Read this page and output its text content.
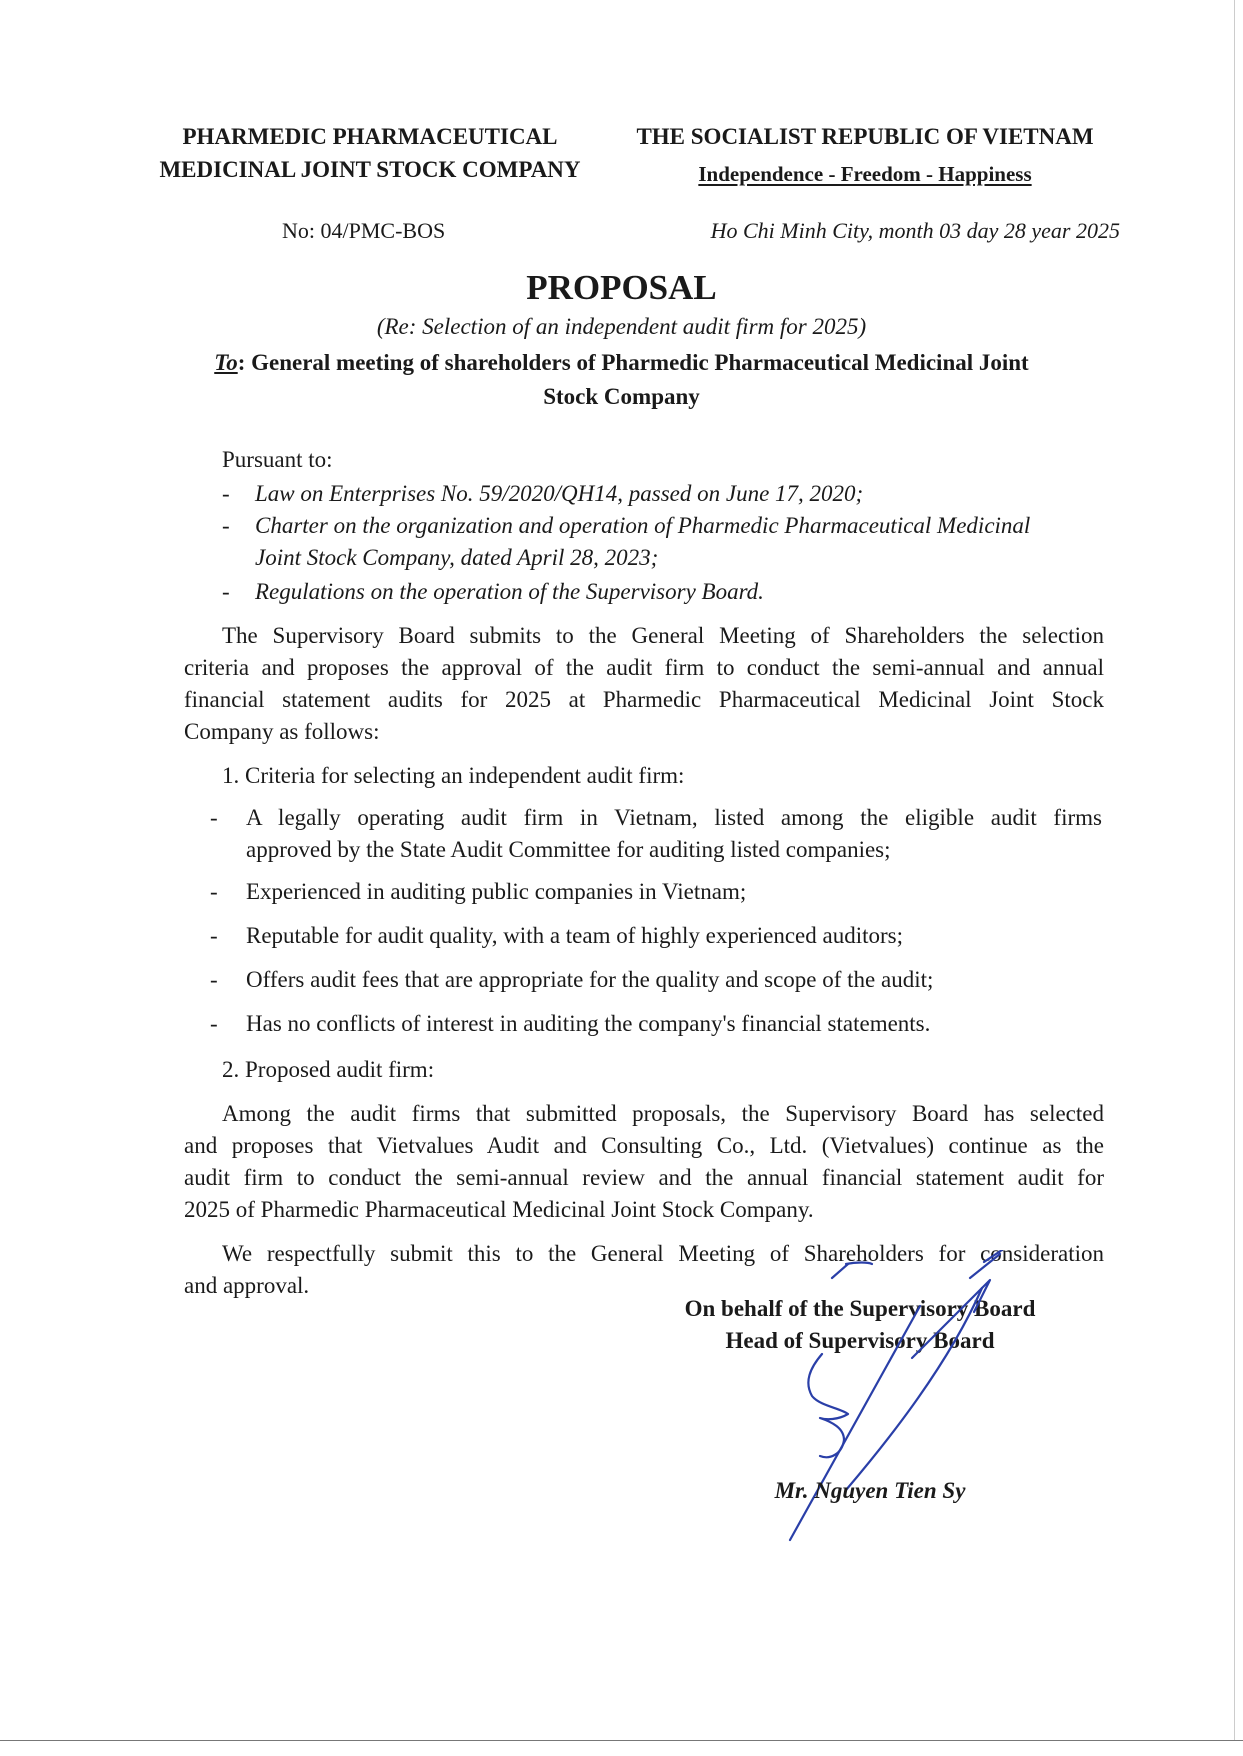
PHARMEDIC PHARMACEUTICAL
MEDICINAL JOINT STOCK COMPANY
THE SOCIALIST REPUBLIC OF VIETNAM
Independence - Freedom - Happiness
No: 04/PMC-BOS	Ho Chi Minh City, month 03 day 28 year 2025
PROPOSAL
(Re: Selection of an independent audit firm for 2025)
To: General meeting of shareholders of Pharmedic Pharmaceutical Medicinal Joint
Stock Company
Pursuant to:
- Law on Enterprises No. 59/2020/QH14, passed on June 17, 2020;
- Charter on the organization and operation of Pharmedic Pharmaceutical Medicinal
Joint Stock Company, dated April 28, 2023;
- Regulations on the operation of the Supervisory Board.
The Supervisory Board submits to the General Meeting of Shareholders the selection
criteria and proposes the approval of the audit firm to conduct the semi-annual and annual
financial statement audits for 2025 at Pharmedic Pharmaceutical Medicinal Joint Stock
Company as follows:
1. Criteria for selecting an independent audit firm:
- A legally operating audit firm in Vietnam, listed among the eligible audit firms
approved by the State Audit Committee for auditing listed companies;
- Experienced in auditing public companies in Vietnam;
- Reputable for audit quality, with a team of highly experienced auditors;
- Offers audit fees that are appropriate for the quality and scope of the audit;
- Has no conflicts of interest in auditing the company's financial statements.
2. Proposed audit firm:
Among the audit firms that submitted proposals, the Supervisory Board has selected
and proposes that Vietvalues Audit and Consulting Co., Ltd. (Vietvalues) continue as the
audit firm to conduct the semi-annual review and the annual financial statement audit for
2025 of Pharmedic Pharmaceutical Medicinal Joint Stock Company.
We respectfully submit this to the General Meeting of Shareholders for consideration
and approval.
On behalf of the Supervisory Board
Head of Supervisory Board
Mr. Nguyen Tien Sy
